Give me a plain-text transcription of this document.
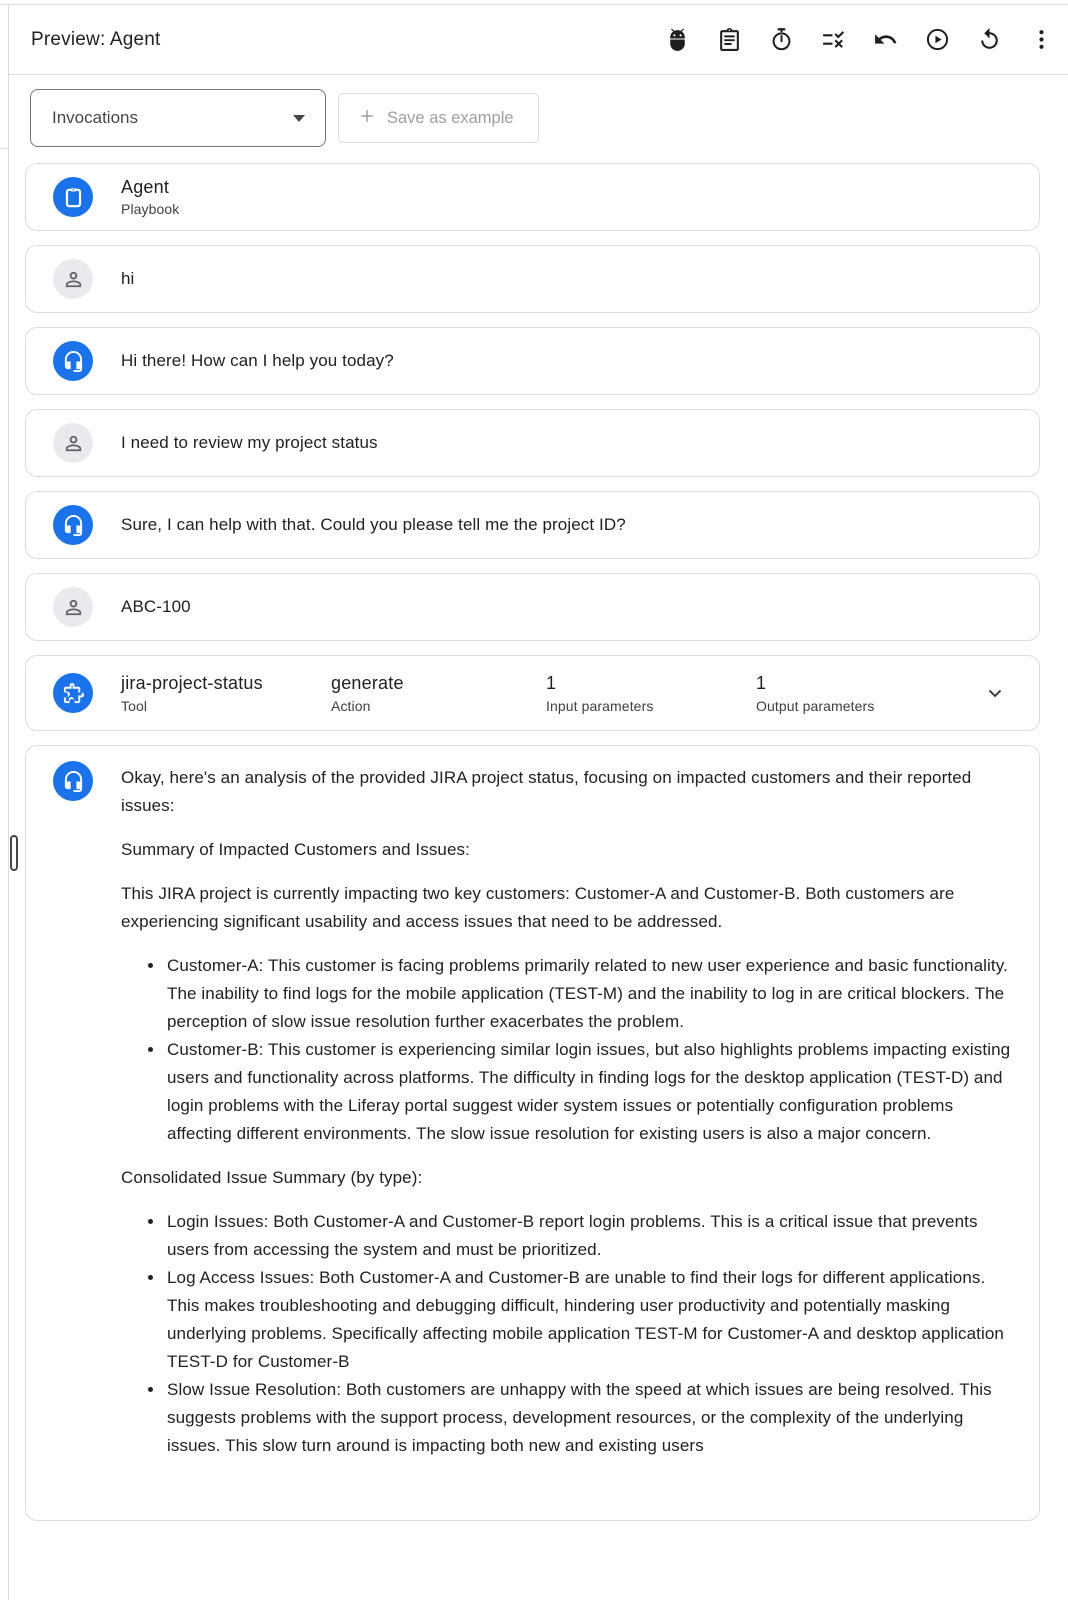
Preview: Agent
Invocations	Save as example
Agent
Playbook
hi
Hi there! How can I help you today?
I need to review my project status
Sure, I can help with that. Could you please tell me the project ID?
ABC-100
jira-project-status
Tool
generate
Action
1
Input parameters
1
Output parameters

Okay, here's an analysis of the provided JIRA project status, focusing on impacted customers and their reported issues:

Summary of Impacted Customers and Issues:

This JIRA project is currently impacting two key customers: Customer-A and Customer-B. Both customers are experiencing significant usability and access issues that need to be addressed.

• Customer-A: This customer is facing problems primarily related to new user experience and basic functionality. The inability to find logs for the mobile application (TEST-M) and the inability to log in are critical blockers. The perception of slow issue resolution further exacerbates the problem.
• Customer-B: This customer is experiencing similar login issues, but also highlights problems impacting existing users and functionality across platforms. The difficulty in finding logs for the desktop application (TEST-D) and login problems with the Liferay portal suggest wider system issues or potentially configuration problems affecting different environments. The slow issue resolution for existing users is also a major concern.

Consolidated Issue Summary (by type):

• Login Issues: Both Customer-A and Customer-B report login problems. This is a critical issue that prevents users from accessing the system and must be prioritized.
• Log Access Issues: Both Customer-A and Customer-B are unable to find their logs for different applications. This makes troubleshooting and debugging difficult, hindering user productivity and potentially masking underlying problems. Specifically affecting mobile application TEST-M for Customer-A and desktop application TEST-D for Customer-B
• Slow Issue Resolution: Both customers are unhappy with the speed at which issues are being resolved. This suggests problems with the support process, development resources, or the complexity of the underlying issues. This slow turn around is impacting both new and existing users
